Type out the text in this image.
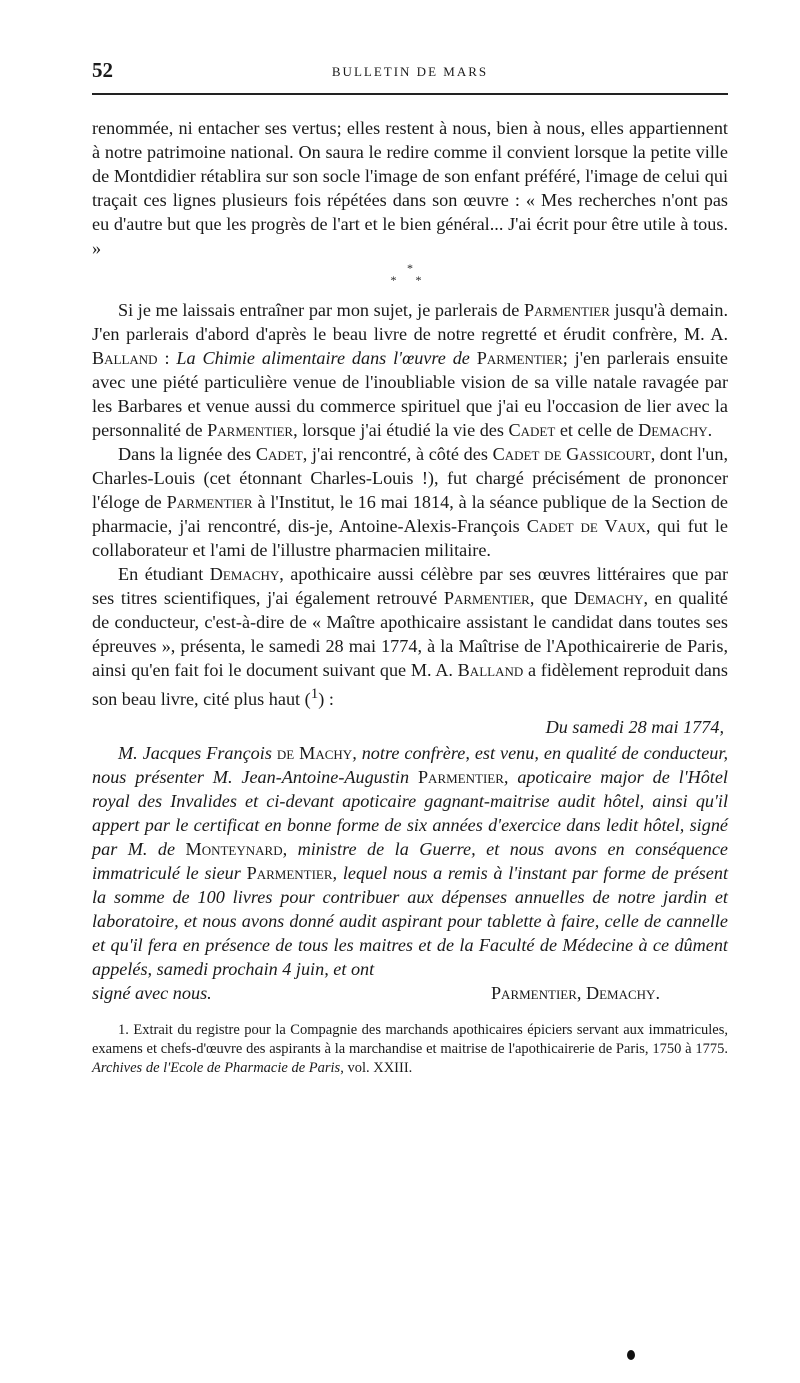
52	BULLETIN DE MARS

renommée, ni entacher ses vertus; elles restent à nous, bien à nous, elles appartiennent à notre patrimoine national. On saura le redire comme il convient lorsque la petite ville de Montdidier rétablira sur son socle l'image de son enfant préféré, l'image de celui qui traçait ces lignes plusieurs fois répétées dans son œuvre : « Mes recherches n'ont pas eu d'autre but que les progrès de l'art et le bien général... J'ai écrit pour être utile à tous. »

*
* *

Si je me laissais entraîner par mon sujet, je parlerais de Parmentier jusqu'à demain. J'en parlerais d'abord d'après le beau livre de notre regretté et érudit confrère, M. A. Balland : La Chimie alimentaire dans l'œuvre de Parmentier; j'en parlerais ensuite avec une piété particulière venue de l'inoubliable vision de sa ville natale ravagée par les Barbares et venue aussi du commerce spirituel que j'ai eu l'occasion de lier avec la personnalité de Parmentier, lorsque j'ai étudié la vie des Cadet et celle de Demachy.

Dans la lignée des Cadet, j'ai rencontré, à côté des Cadet de Gassicourt, dont l'un, Charles-Louis (cet étonnant Charles-Louis !), fut chargé précisément de prononcer l'éloge de Parmentier à l'Institut, le 16 mai 1814, à la séance publique de la Section de pharmacie, j'ai rencontré, dis-je, Antoine-Alexis-François Cadet de Vaux, qui fut le collaborateur et l'ami de l'illustre pharmacien militaire.

En étudiant Demachy, apothicaire aussi célèbre par ses œuvres littéraires que par ses titres scientifiques, j'ai également retrouvé Parmentier, que Demachy, en qualité de conducteur, c'est-à-dire de « Maître apothicaire assistant le candidat dans toutes ses épreuves », présenta, le samedi 28 mai 1774, à la Maîtrise de l'Apothicairerie de Paris, ainsi qu'en fait foi le document suivant que M. A. Balland a fidèlement reproduit dans son beau livre, cité plus haut ($^1$) :

Du samedi 28 mai 1774,

M. Jacques François de Machy, notre confrère, est venu, en qualité de conducteur, nous présenter M. Jean-Antoine-Augustin Parmentier, apoticaire major de l'Hôtel royal des Invalides et ci-devant apoticaire gagnant-maitrise audit hôtel, ainsi qu'il appert par le certificat en bonne forme de six années d'exercice dans ledit hôtel, signé par M. de Monteynard, ministre de la Guerre, et nous avons en conséquence immatriculé le sieur Parmentier, lequel nous a remis à l'instant par forme de présent la somme de 100 livres pour contribuer aux dépenses annuelles de notre jardin et laboratoire, et nous avons donné audit aspirant pour tablette à faire, celle de cannelle et qu'il fera en présence de tous les maitres et de la Faculté de Médecine à ce dûment appelés, samedi prochain 4 juin, et ont

signé avec nous.	Parmentier, Demachy.

1. Extrait du registre pour la Compagnie des marchands apothicaires épiciers servant aux immatricules, examens et chefs-d'œuvre des aspirants à la marchandise et maitrise de l'apothicairerie de Paris, 1750 à 1775. Archives de l'Ecole de Pharmacie de Paris, vol. XXIII.
